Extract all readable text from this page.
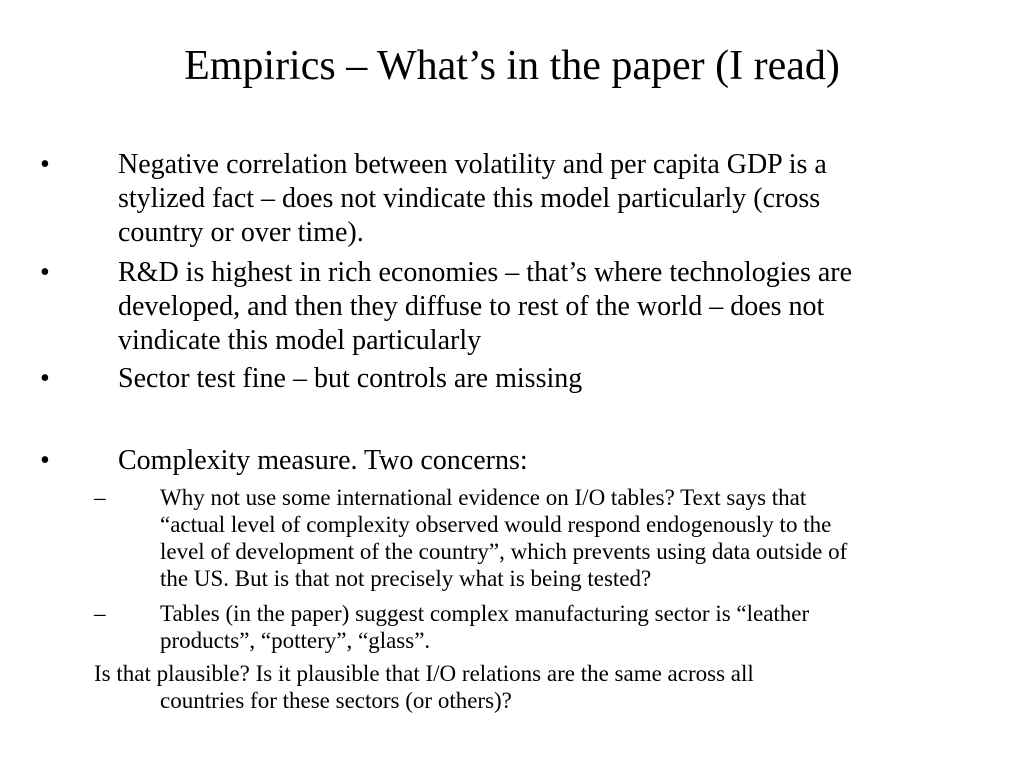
Empirics – What’s in the paper (I read)
•	Negative correlation between volatility and per capita GDP is a
stylized fact – does not vindicate this model particularly (cross
country or over time).
•	R&D is highest in rich economies – that’s where technologies are
developed, and then they diffuse to rest of the world – does not
vindicate this model particularly
•	Sector test fine – but controls are missing
•	Complexity measure. Two concerns:
–	Why not use some international evidence on I/O tables? Text says that
“actual level of complexity observed would respond endogenously to the
level of development of the country”, which prevents using data outside of
the US. But is that not precisely what is being tested?
–	Tables (in the paper) suggest complex manufacturing sector is “leather
products”, “pottery”, “glass”.
Is that plausible? Is it plausible that I/O relations are the same across all
countries for these sectors (or others)?
